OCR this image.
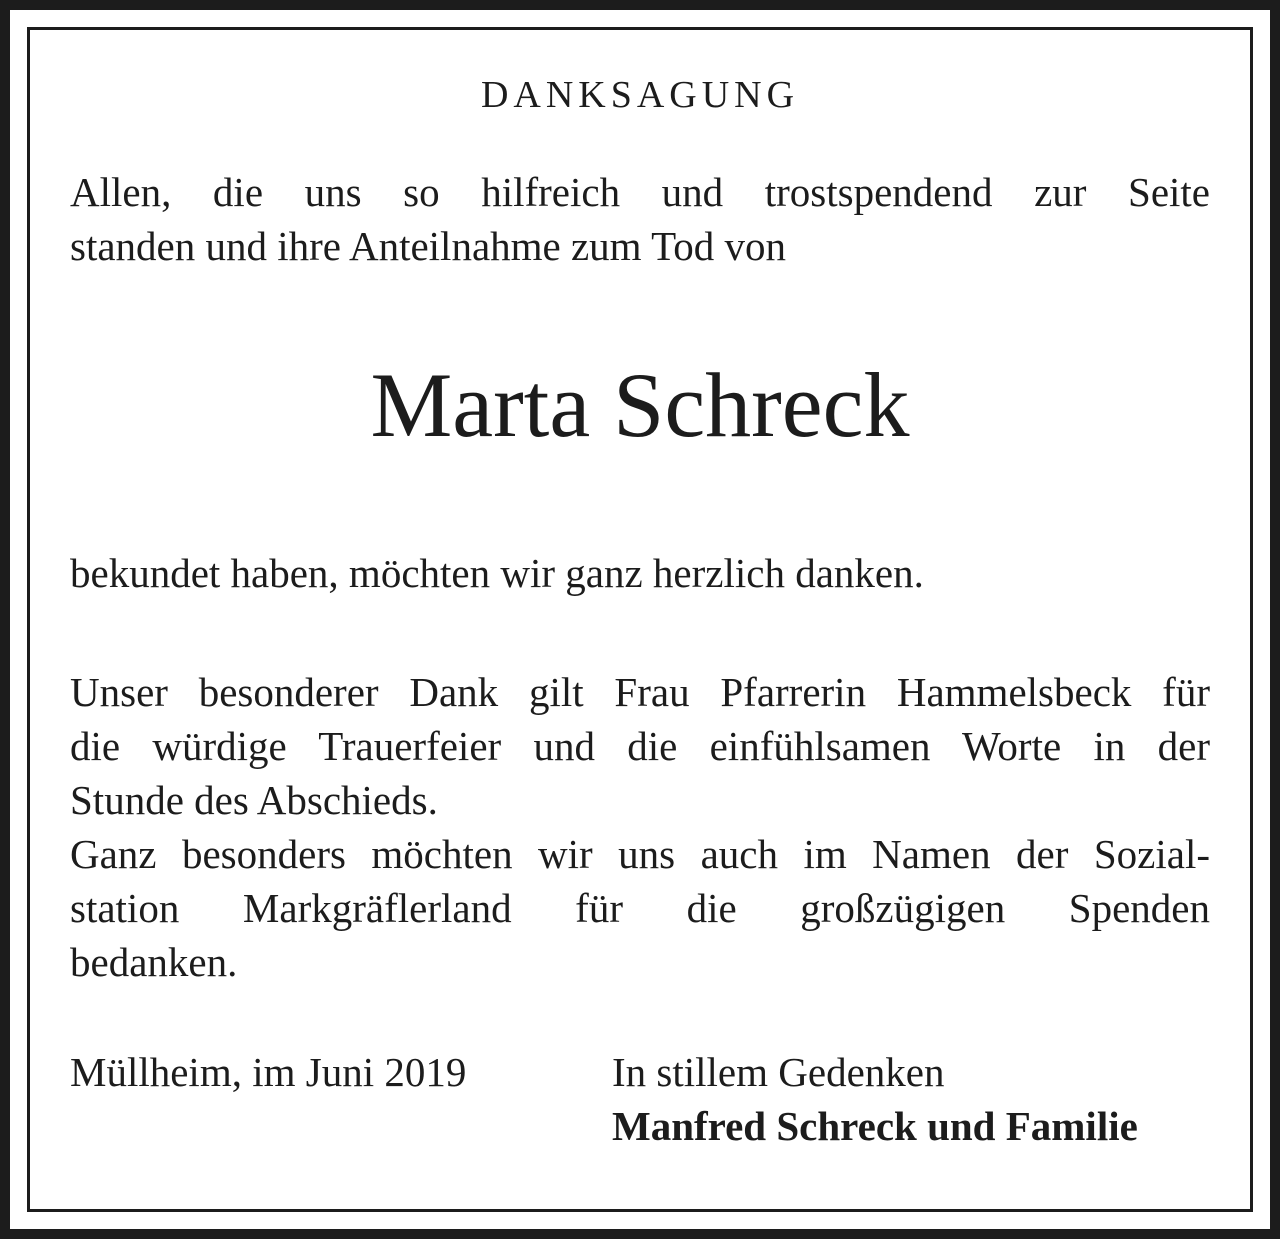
DANKSAGUNG
Allen, die uns so hilfreich und trostspendend zur Seite
standen und ihre Anteilnahme zum Tod von
Marta Schreck
bekundet haben, möchten wir ganz herzlich danken.
Unser besonderer Dank gilt Frau Pfarrerin Hammelsbeck für
die würdige Trauerfeier und die einfühlsamen Worte in der
Stunde des Abschieds.
Ganz besonders möchten wir uns auch im Namen der Sozial-
station Markgräflerland für die großzügigen Spenden
bedanken.
Müllheim, im Juni 2019	In stillem Gedenken
Manfred Schreck und Familie
